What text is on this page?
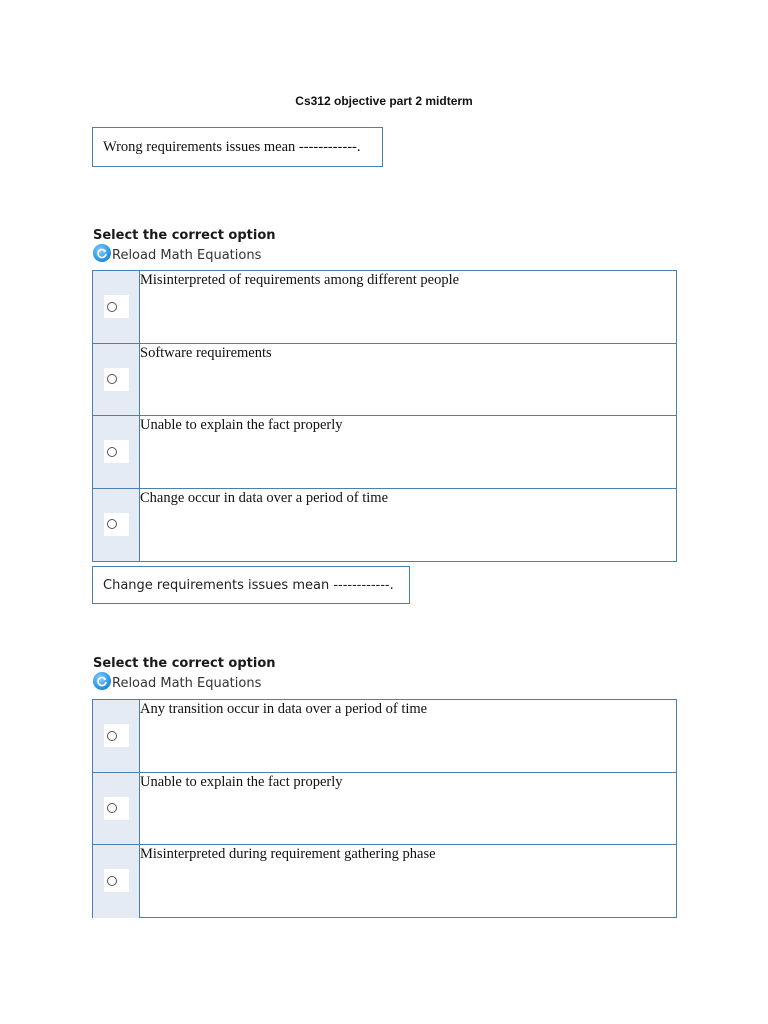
Cs312 objective part 2 midterm
Wrong requirements issues mean ------------.
Select the correct option
Reload Math Equations
Misinterpreted of requirements among different people
Software requirements
Unable to explain the fact properly
Change occur in data over a period of time
Change requirements issues mean ------------.
Select the correct option
Reload Math Equations
Any transition occur in data over a period of time
Unable to explain the fact properly
Misinterpreted during requirement gathering phase
